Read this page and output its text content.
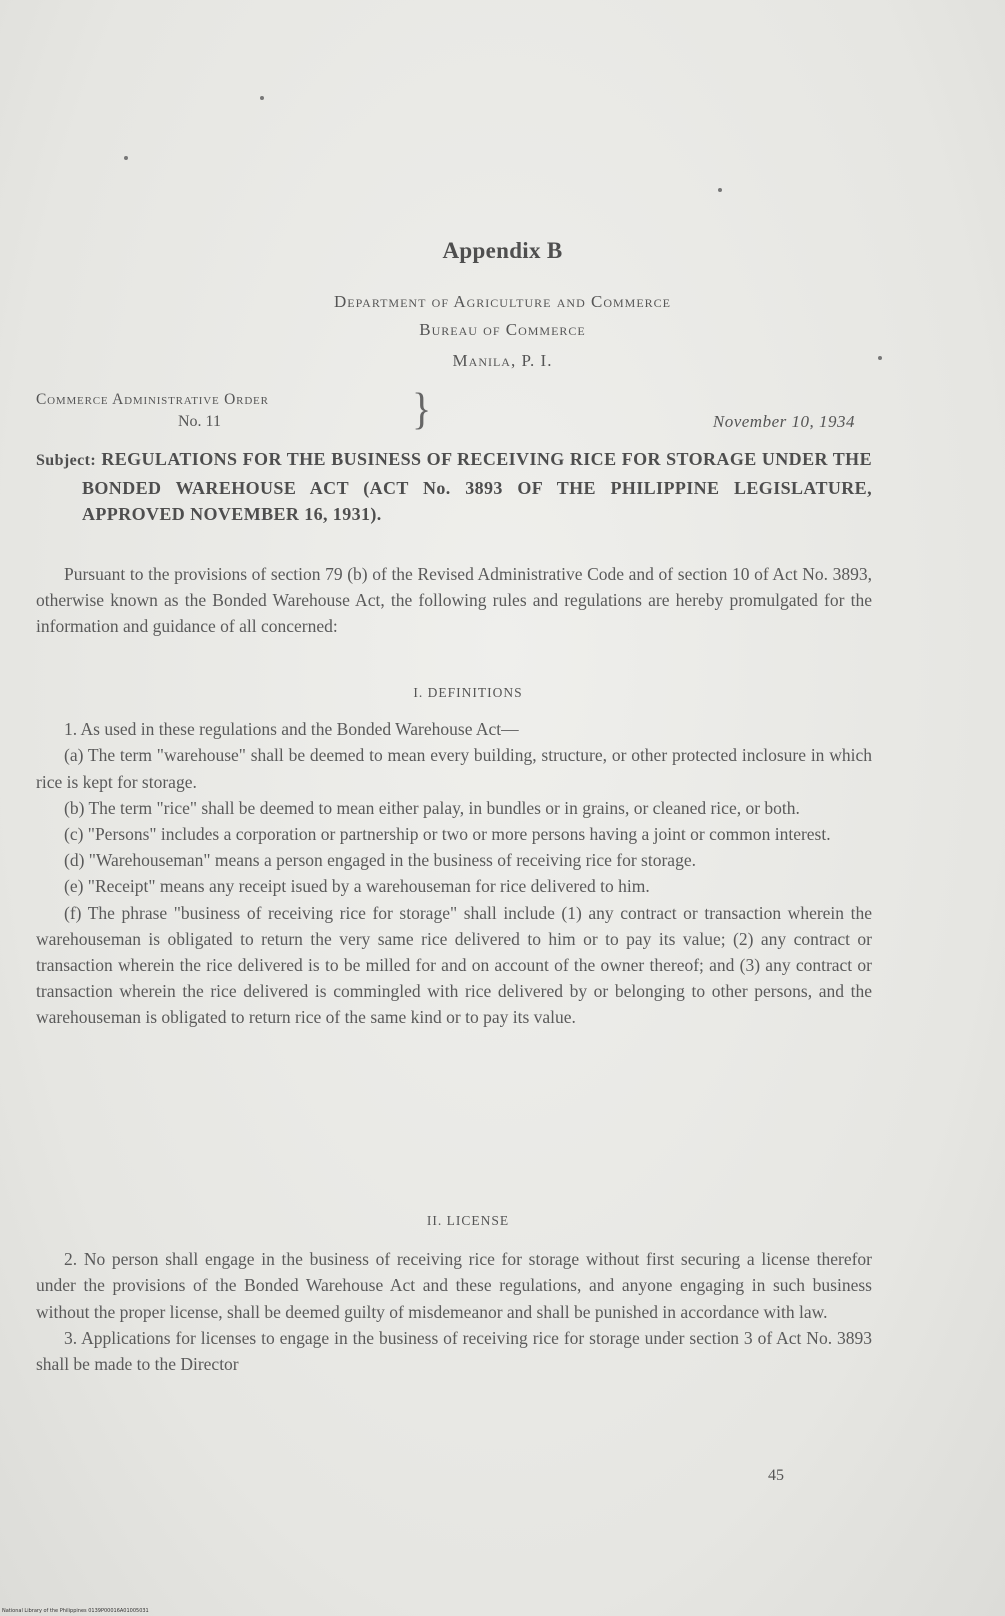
Appendix B
Department of Agriculture and Commerce
Bureau of Commerce
Manila, P. I.
Commerce Administrative Order
No. 11	}	November 10, 1934
Subject: REGULATIONS FOR THE BUSINESS OF RECEIVING RICE FOR STORAGE UNDER THE BONDED WAREHOUSE ACT (ACT No. 3893 OF THE PHILIPPINE LEGISLATURE, APPROVED NOVEMBER 16, 1931).

Pursuant to the provisions of section 79 (b) of the Revised Administrative Code and of section 10 of Act No. 3893, otherwise known as the Bonded Warehouse Act, the following rules and regulations are hereby promulgated for the information and guidance of all concerned:

I. DEFINITIONS

1. As used in these regulations and the Bonded Warehouse Act—

(a) The term "warehouse" shall be deemed to mean every building, structure, or other protected inclosure in which rice is kept for storage.

(b) The term "rice" shall be deemed to mean either palay, in bundles or in grains, or cleaned rice, or both.

(c) "Persons" includes a corporation or partnership or two or more persons having a joint or common interest.

(d) "Warehouseman" means a person engaged in the business of receiving rice for storage.

(e) "Receipt" means any receipt isued by a warehouseman for rice delivered to him.

(f) The phrase "business of receiving rice for storage" shall include (1) any contract or transaction wherein the warehouseman is obligated to return the very same rice delivered to him or to pay its value; (2) any contract or transaction wherein the rice delivered is to be milled for and on account of the owner thereof; and (3) any contract or transaction wherein the rice delivered is commingled with rice delivered by or belonging to other persons, and the warehouseman is obligated to return rice of the same kind or to pay its value.

II. LICENSE

2. No person shall engage in the business of receiving rice for storage without first securing a license therefor under the provisions of the Bonded Warehouse Act and these regulations, and anyone engaging in such business without the proper license, shall be deemed guilty of misdemeanor and shall be punished in accordance with law.

3. Applications for licenses to engage in the business of receiving rice for storage under section 3 of Act No. 3893 shall be made to the Director

45
National Library of the Philippines 0139P00016A01005031
